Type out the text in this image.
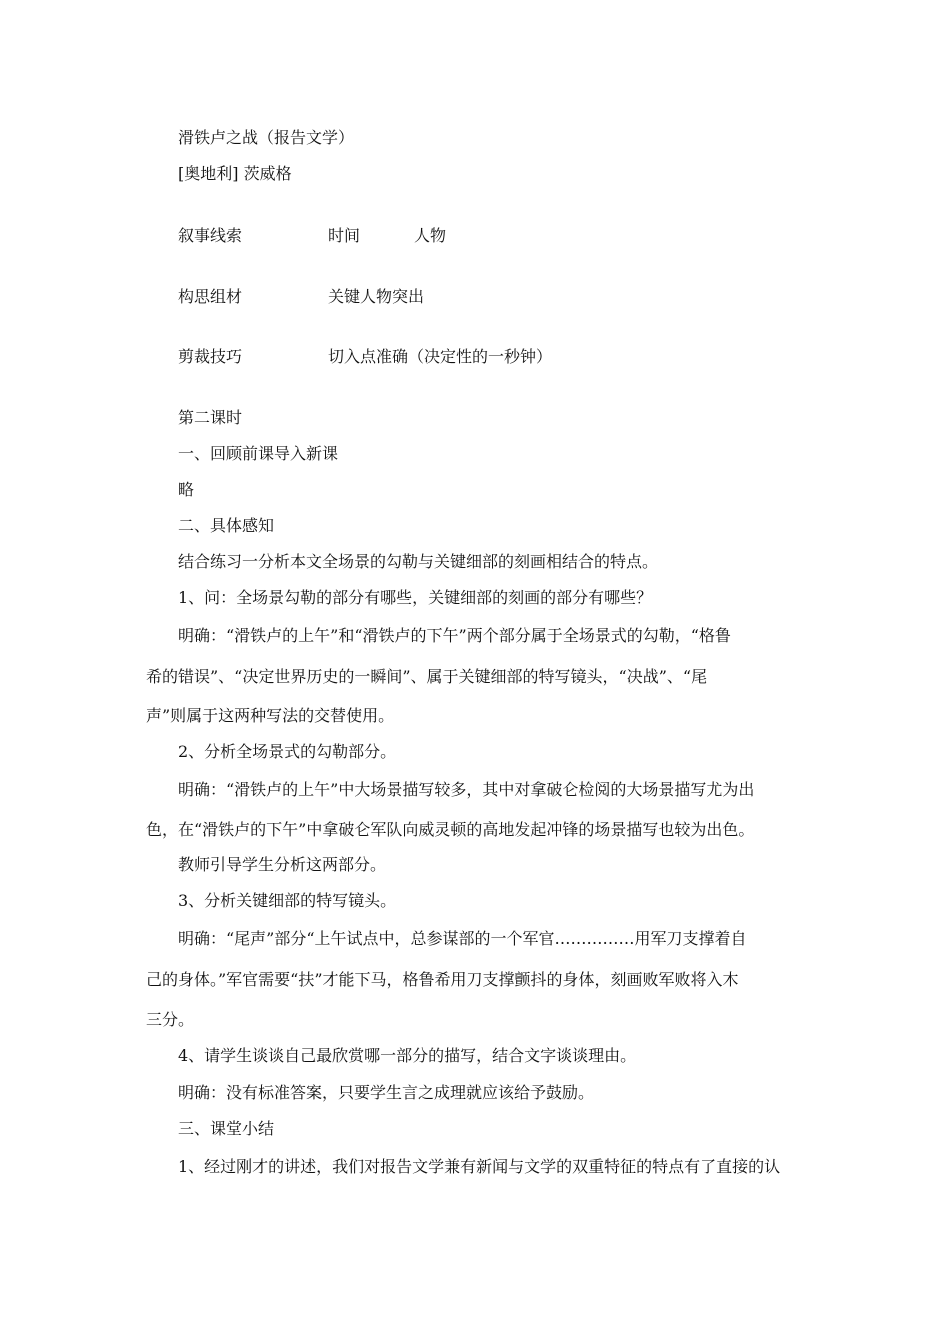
滑铁卢之战（报告文学）
[奥地利] 茨威格
叙事线索	时间	人物
构思组材	关键人物突出
剪裁技巧	切入点准确（决定性的一秒钟）
第二课时
一、回顾前课导入新课
略
二、具体感知
结合练习一分析本文全场景的勾勒与关键细部的刻画相结合的特点。
1、问：全场景勾勒的部分有哪些，关键细部的刻画的部分有哪些？
明确：“滑铁卢的上午”和“滑铁卢的下午”两个部分属于全场景式的勾勒，“格鲁
希的错误”、“决定世界历史的一瞬间”、属于关键细部的特写镜头，“决战”、“尾
声”则属于这两种写法的交替使用。
2、分析全场景式的勾勒部分。
明确：“滑铁卢的上午”中大场景描写较多，其中对拿破仑检阅的大场景描写尤为出
色，在“滑铁卢的下午”中拿破仑军队向威灵顿的高地发起冲锋的场景描写也较为出色。
教师引导学生分析这两部分。
3、分析关键细部的特写镜头。
明确：“尾声”部分“上午试点中，总参谋部的一个军官……………用军刀支撑着自
己的身体。”军官需要“扶”才能下马，格鲁希用刀支撑颤抖的身体，刻画败军败将入木
三分。
4、请学生谈谈自己最欣赏哪一部分的描写，结合文字谈谈理由。
明确：没有标准答案，只要学生言之成理就应该给予鼓励。
三、课堂小结
1、经过刚才的讲述，我们对报告文学兼有新闻与文学的双重特征的特点有了直接的认
